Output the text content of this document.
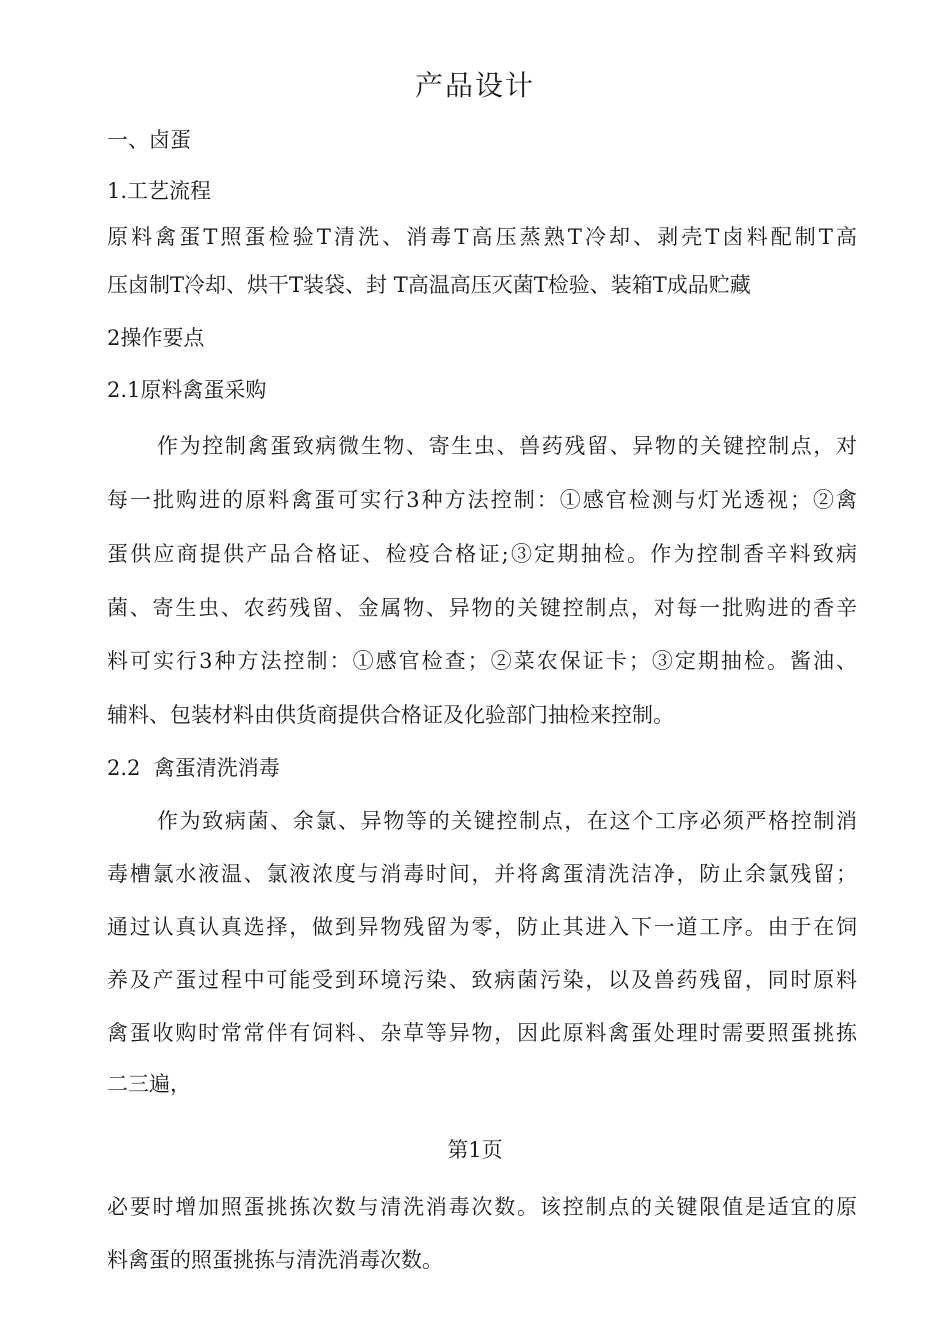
产品设计
一、卤蛋
1.工艺流程
原料禽蛋T照蛋检验T清洗、消毒T高压蒸熟T冷却、剥壳T卤料配制T高
压卤制T冷却、烘干T装袋、封 T高温高压灭菌T检验、装箱T成品贮藏
2操作要点
2.1原料禽蛋采购
作为控制禽蛋致病微生物、寄生虫、兽药残留、异物的关键控制点，对
每一批购进的原料禽蛋可实行3种方法控制：①感官检测与灯光透视；②禽
蛋供应商提供产品合格证、检疫合格证;③定期抽检。作为控制香辛料致病
菌、寄生虫、农药残留、金属物、异物的关键控制点，对每一批购进的香辛
料可实行3种方法控制：①感官检查；②菜农保证卡；③定期抽检。酱油、
辅料、包装材料由供货商提供合格证及化验部门抽检来控制。
2.2  禽蛋清洗消毒
作为致病菌、余氯、异物等的关键控制点，在这个工序必须严格控制消
毒槽氯水液温、氯液浓度与消毒时间，并将禽蛋清洗洁净，防止余氯残留；
通过认真认真选择，做到异物残留为零，防止其进入下一道工序。由于在饲
养及产蛋过程中可能受到环境污染、致病菌污染，以及兽药残留，同时原料
禽蛋收购时常常伴有饲料、杂草等异物，因此原料禽蛋处理时需要照蛋挑拣
二三遍，
第1页
必要时增加照蛋挑拣次数与清洗消毒次数。该控制点的关键限值是适宜的原
料禽蛋的照蛋挑拣与清洗消毒次数。
